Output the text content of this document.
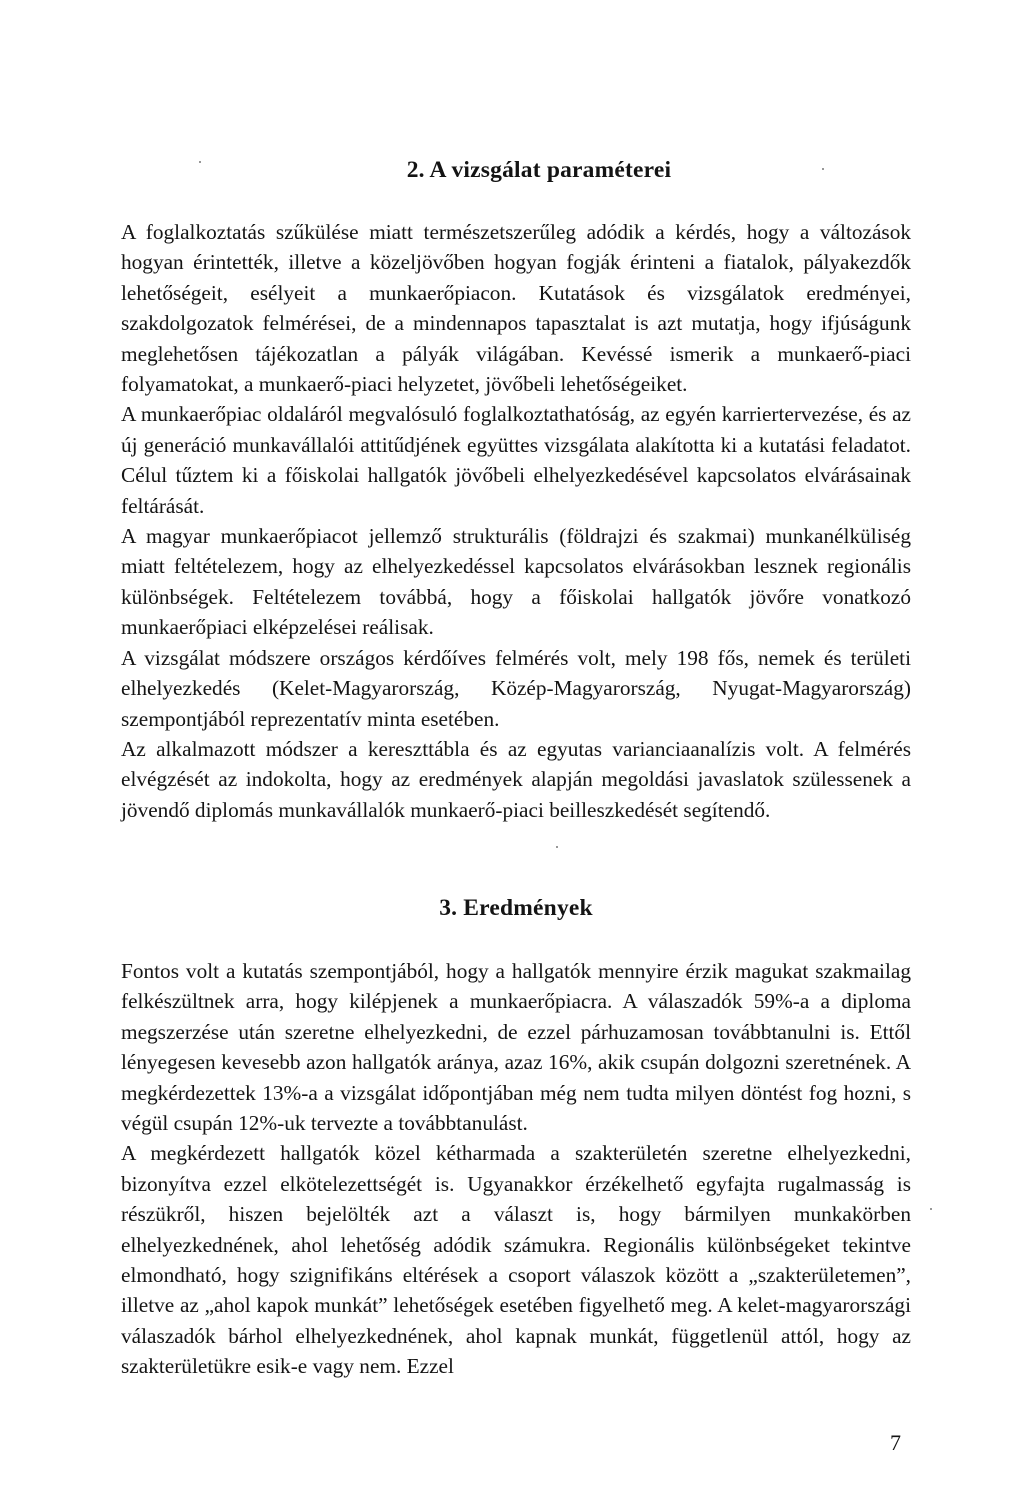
2. A vizsgálat paraméterei

A foglalkoztatás szűkülése miatt természetszerűleg adódik a kérdés, hogy a változások hogyan érintették, illetve a közeljövőben hogyan fogják érinteni a fiatalok, pályakezdők lehetőségeit, esélyeit a munkaerőpiacon. Kutatások és vizsgálatok eredményei, szakdolgozatok felmérései, de a mindennapos tapasztalat is azt mutatja, hogy ifjúságunk meglehetősen tájékozatlan a pályák világában. Kevéssé ismerik a munkaerő-piaci folyamatokat, a munkaerő-piaci helyzetet, jövőbeli lehetőségeiket.

A munkaerőpiac oldaláról megvalósuló foglalkoztathatóság, az egyén karriertervezése, és az új generáció munkavállalói attitűdjének együttes vizsgálata alakította ki a kutatási feladatot. Célul tűztem ki a főiskolai hallgatók jövőbeli elhelyezkedésével kapcsolatos elvárásainak feltárását.

A magyar munkaerőpiacot jellemző strukturális (földrajzi és szakmai) munkanélküliség miatt feltételezem, hogy az elhelyezkedéssel kapcsolatos elvárásokban lesznek regionális különbségek. Feltételezem továbbá, hogy a főiskolai hallgatók jövőre vonatkozó munkaerőpiaci elképzelései reálisak.

A vizsgálat módszere országos kérdőíves felmérés volt, mely 198 fős, nemek és területi elhelyezkedés (Kelet-Magyarország, Közép-Magyarország, Nyugat-Magyarország) szempontjából reprezentatív minta esetében.

Az alkalmazott módszer a kereszttábla és az egyutas varianciaanalízis volt. A felmérés elvégzését az indokolta, hogy az eredmények alapján megoldási javaslatok szülessenek a jövendő diplomás munkavállalók munkaerő-piaci beilleszkedését segítendő.

3. Eredmények

Fontos volt a kutatás szempontjából, hogy a hallgatók mennyire érzik magukat szakmailag felkészültnek arra, hogy kilépjenek a munkaerőpiacra. A válaszadók 59%-a a diploma megszerzése után szeretne elhelyezkedni, de ezzel párhuzamosan továbbtanulni is. Ettől lényegesen kevesebb azon hallgatók aránya, azaz 16%, akik csupán dolgozni szeretnének. A megkérdezettek 13%-a a vizsgálat időpontjában még nem tudta milyen döntést fog hozni, s végül csupán 12%-uk tervezte a továbbtanulást.

A megkérdezett hallgatók közel kétharmada a szakterületén szeretne elhelyezkedni, bizonyítva ezzel elkötelezettségét is. Ugyanakkor érzékelhető egyfajta rugalmasság is részükről, hiszen bejelölték azt a választ is, hogy bármilyen munkakörben elhelyezkednének, ahol lehetőség adódik számukra. Regionális különbségeket tekintve elmondható, hogy szignifikáns eltérések a csoport válaszok között a „szakterületemen”, illetve az „ahol kapok munkát” lehetőségek esetében figyelhető meg. A kelet-magyarországi válaszadók bárhol elhelyezkednének, ahol kapnak munkát, függetlenül attól, hogy az szakterületükre esik-e vagy nem. Ezzel

7
